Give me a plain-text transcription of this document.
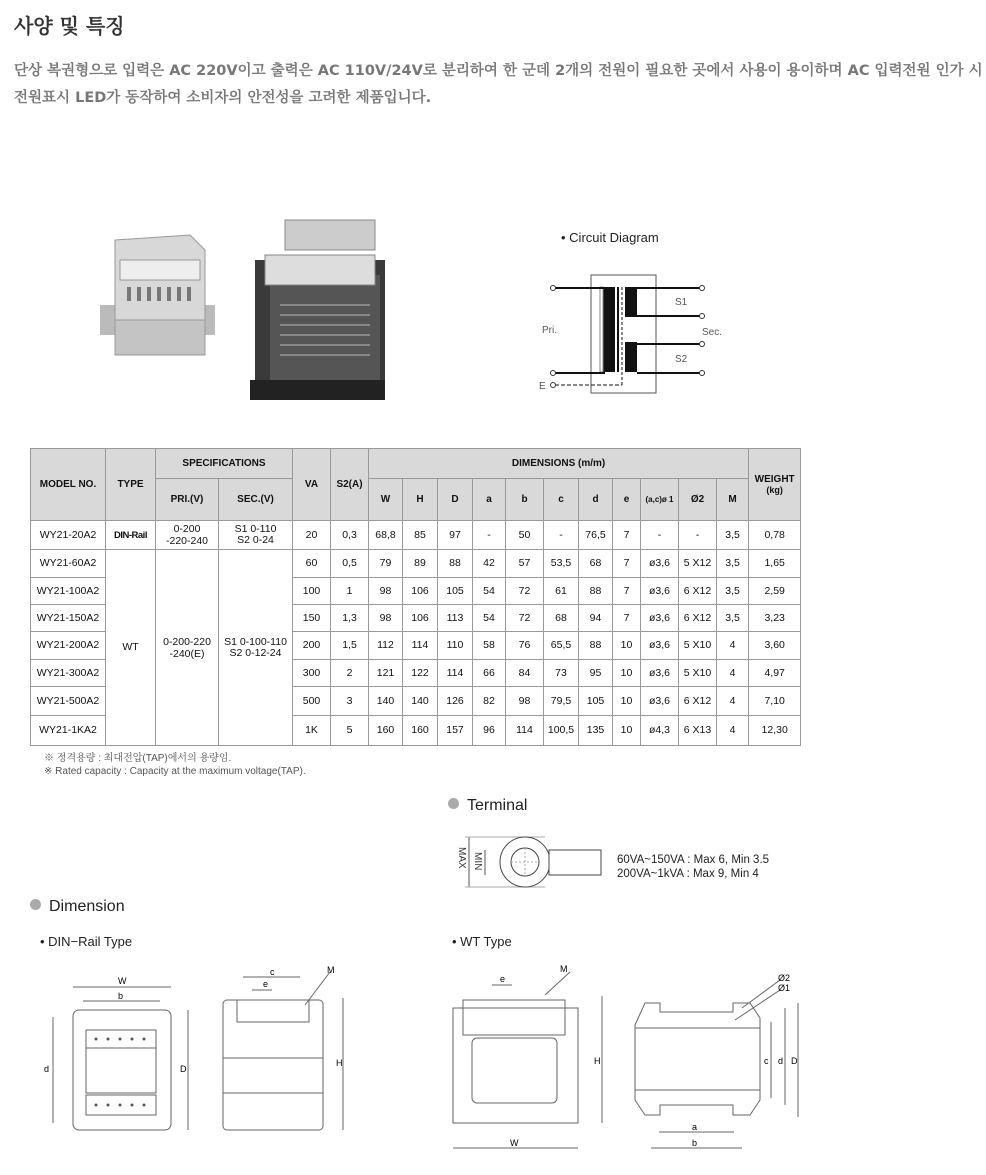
사양 및 특징
단상 복권형으로 입력은 AC 220V이고 출력은 AC 110V/24V로 분리하여 한 군데 2개의 전원이 필요한 곳에서 사용이 용이하며 AC 입력전원 인가 시 전원표시 LED가 동작하여 소비자의 안전성을 고려한 제품입니다.
• Circuit Diagram
Pri.	Sec.
S1
S2
E
MODEL NO.	TYPE	SPECIFICATIONS		VA	S2(A)	DIMENSIONS (m/m)											WEIGHT
(kg)
		PRI.(V)	SEC.(V)			W	H	D	a	b	c	d	e	(a,c)ø 1	Ø2	M	
WY21-20A2	DIN-Rail	0-200
-220-240	S1 0-110
S2 0-24	20	0,3	68,8	85	97	-	50	-	76,5	7	-	-	3,5	0,78
WY21-60A2	WT	0-200-220
-240(E)	S1 0-100-110
S2 0-12-24	60	0,5	79	89	88	42	57	53,5	68	7	ø3,6	5 X12	3,5	1,65
WY21-100A2				100	1	98	106	105	54	72	61	88	7	ø3,6	6 X12	3,5	2,59
WY21-150A2				150	1,3	98	106	113	54	72	68	94	7	ø3,6	6 X12	3,5	3,23
WY21-200A2				200	1,5	112	114	110	58	76	65,5	88	10	ø3,6	5 X10	4	3,60
WY21-300A2				300	2	121	122	114	66	84	73	95	10	ø3,6	5 X10	4	4,97
WY21-500A2				500	3	140	140	126	82	98	79,5	105	10	ø3,6	6 X12	4	7,10
WY21-1KA2				1K	5	160	160	157	96	114	100,5	135	10	ø4,3	6 X13	4	12,30
※ 정격용량 : 최대전압(TAP)에서의 용량임.
※ Rated capacity : Capacity at the maximum voltage(TAP).
Terminal
MAX MIN	60VA~150VA : Max 6, Min 3.5
200VA~1kVA : Max 9, Min 4
Dimension
• DIN−Rail Type	• WT Type
W
b
d	D
c
e
M
H
e
M
W
H
a
b
c d D
Ø2
Ø1
